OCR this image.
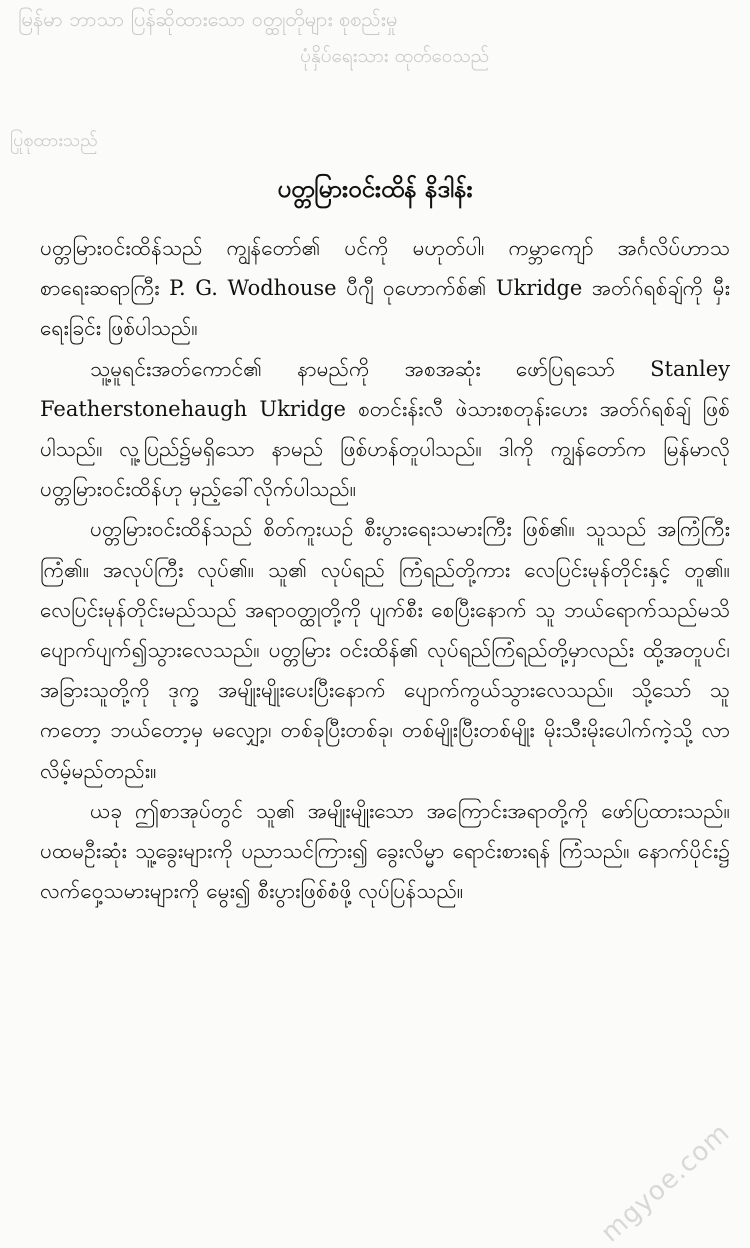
မြန်မာ ဘာသာ ပြန်ဆိုထားသော ဝတ္ထုတိုများ စုစည်းမှု
ပုံနှိပ်ရေးသား ထုတ်ဝေသည်
ပြုစုထားသည်
ပတ္တမြားဝင်းထိန် နိဒါန်း

ပတ္တမြားဝင်းထိန်သည် ကျွန်တော်၏ ပင်ကို မဟုတ်ပါ၊ ကမ္ဘာကျော် အင်္ဂလိပ်ဟာသ စာရေးဆရာကြီး P. G. Wodhouse ပီဂျီ ဝုဟောက်စ်၏ Ukridge အတ်ဂ်ရစ်ချ်ကို မှီးရေးခြင်း ဖြစ်ပါသည်။

သူ့မူရင်းအတ်ကောင်၏ နာမည်ကို အစအဆုံး ဖော်ပြရသော် Stanley Featherstonehaugh Ukridge စတင်းန်းလီ ဖဲသားစတုန်းဟေး အတ်ဂ်ရစ်ချ် ဖြစ်ပါသည်။ လူ့ပြည်၌မရှိသော နာမည် ဖြစ်ဟန်တူပါသည်။ ဒါကို ကျွန်တော်က မြန်မာလို ပတ္တမြားဝင်းထိန်ဟု မှည့်ခေါ်လိုက်ပါသည်။

ပတ္တမြားဝင်းထိန်သည် စိတ်ကူးယဉ် စီးပွားရေးသမားကြီး ဖြစ်၏။ သူသည် အကြံကြီး ကြံ၏။ အလုပ်ကြီး လုပ်၏။ သူ၏ လုပ်ရည် ကြံရည်တို့ကား လေပြင်းမုန်တိုင်းနှင့် တူ၏။ လေပြင်းမုန်တိုင်းမည်သည် အရာဝတ္ထုတို့ကို ပျက်စီး စေပြီးနောက် သူ ဘယ်ရောက်သည်မသိ ပျောက်ပျက်၍သွားလေသည်။ ပတ္တမြား ဝင်းထိန်၏ လုပ်ရည်ကြံရည်တို့မှာလည်း ထို့အတူပင်၊ အခြားသူတို့ကို ဒုက္ခ အမျိုးမျိုးပေးပြီးနောက် ပျောက်ကွယ်သွားလေသည်။ သို့သော် သူကတော့ ဘယ်တော့မှ မလျှော့၊ တစ်ခုပြီးတစ်ခု၊ တစ်မျိုးပြီးတစ်မျိုး မိုးသီးမိုးပေါက်ကဲ့သို့ လာလိမ့်မည်တည်း။

ယခု ဤစာအုပ်တွင် သူ၏ အမျိုးမျိုးသော အကြောင်းအရာတို့ကို ဖော်ပြထားသည်။ ပထမဦးဆုံး သူ့ခွေးများကို ပညာသင်ကြား၍ ခွေးလိမ္မာ ရောင်းစားရန် ကြံသည်။ နောက်ပိုင်း၌ လက်ဝှေ့သမားများကို မွေး၍ စီးပွားဖြစ်စံဖို့ လုပ်ပြန်သည်။

mgyoe.com
